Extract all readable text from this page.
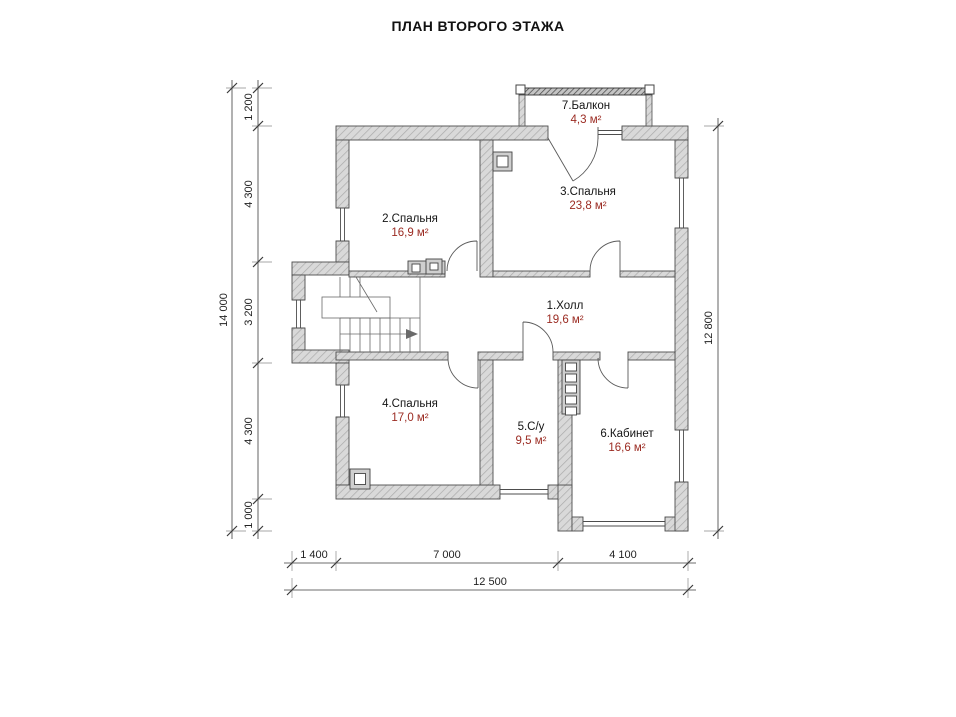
ПЛАН ВТОРОГО ЭТАЖА
7.Балкон
4,3 м²
2.Спальня
16,9 м²
3.Спальня
23,8 м²
1.Холл
19,6 м²
4.Спальня
17,0 м²
5.С/у
9,5 м²
6.Кабинет
16,6 м²
14 000
1 200
4 300
3 200
4 300
1 000
12 800
1 400	7 000	4 100
12 500
